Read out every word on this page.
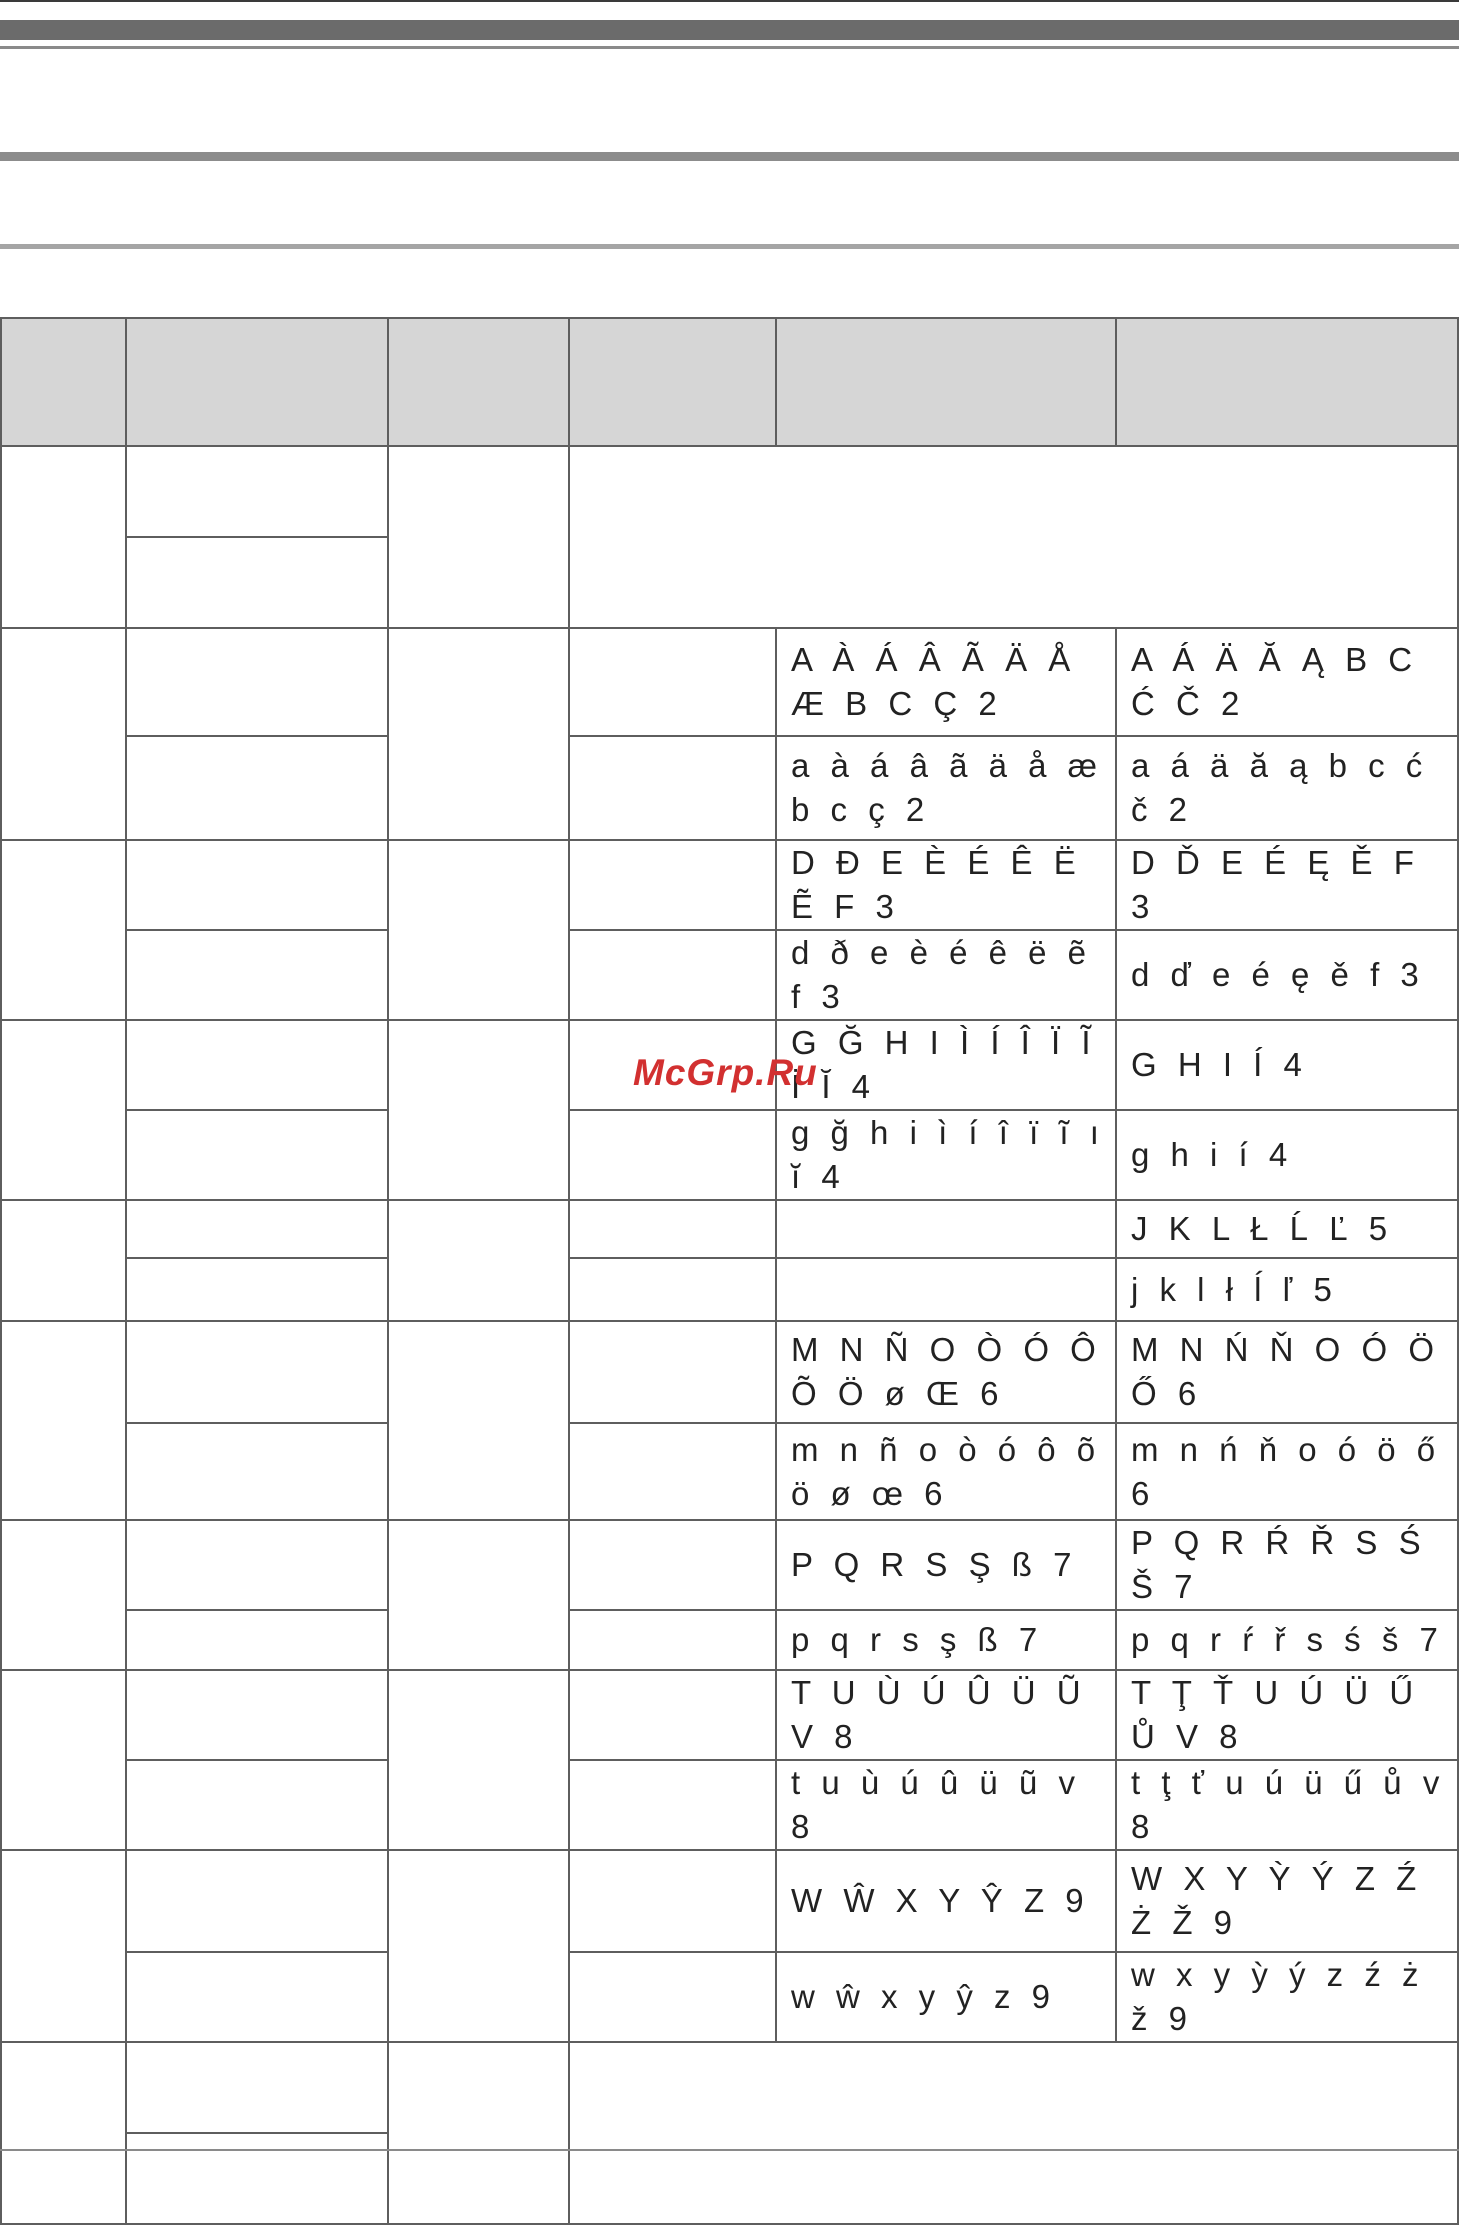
				A À Á Â Ã Ä Å Æ B C Ç 2	A Á Ä Ă Ą B C Ć Č 2
				a à á â ã ä å æ b c ç 2	a á ä ă ą b c ć č 2
				D Đ E È É Ê Ë Ẽ F 3	D Ď E É Ę Ě F 3
				d ð e è é ê ë ẽ f 3	d ď e é ę ě f 3
				G Ğ H I Ì Í Î Ï Ĩ İ Ĭ 4	G H I Í 4
				g ğ h i ì í î ï ĩ ı ĭ 4	g h i í 4
					J K L Ł Ĺ Ľ 5
					j k l ł ĺ ľ 5
				M N Ñ O Ò Ó Ô Õ Ö ø Œ 6	M N Ń Ň O Ó Ö Ő 6
				m n ñ o ò ó ô õ ö ø œ 6	m n ń ň o ó ö ő 6
				P Q R S Ş ß 7	P Q R Ŕ Ř S Ś Š 7
				p q r s ş ß 7	p q r ŕ ř s ś š 7
				T U Ù Ú Û Ü Ũ V 8	T Ţ Ť U Ú Ü Ű Ů V 8
				t u ù ú û ü ũ v 8	t ţ ť u ú ü ű ů v 8
				W Ŵ X Y Ŷ Z 9	W X Y Ỳ Ý Z Ź Ż Ž 9
				w ŵ x y ŷ z 9	w x y ỳ ý z ź ż ž 9

McGrp.Ru
